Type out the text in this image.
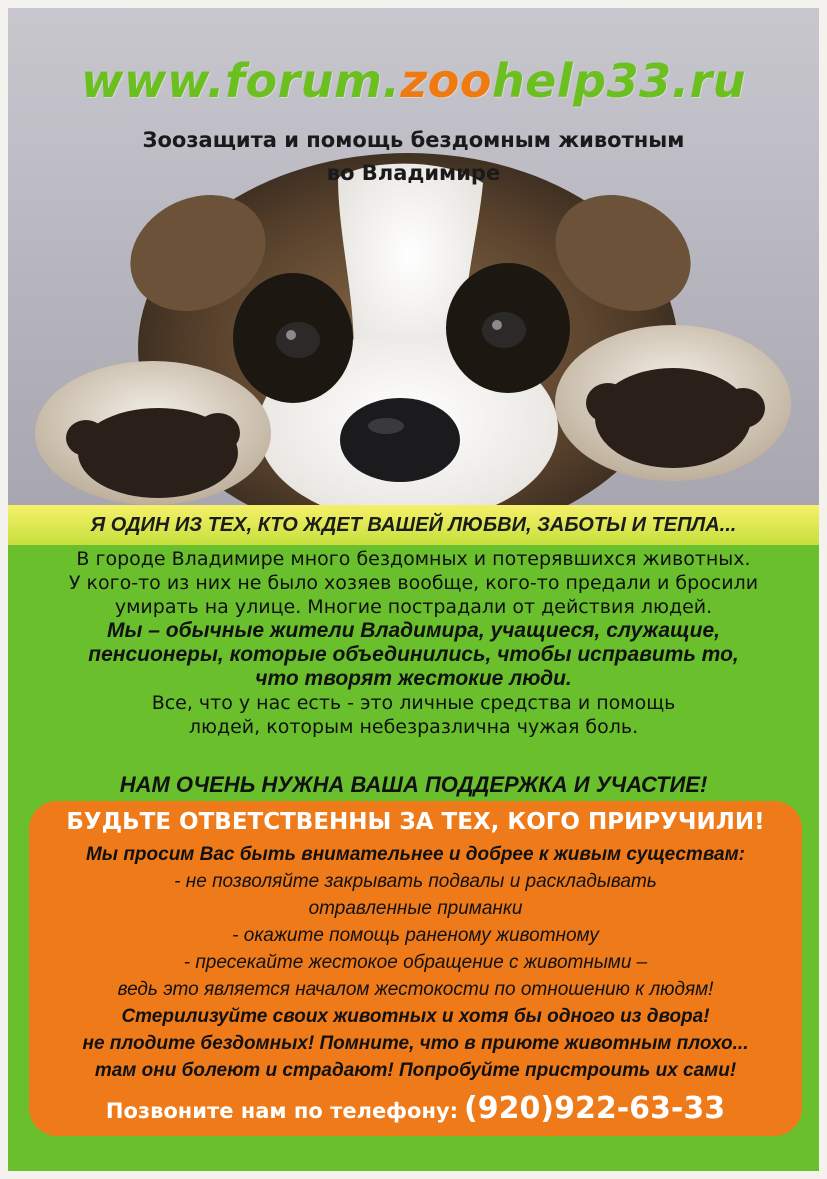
www.forum.zoohelp33.ru
Зоозащита и помощь бездомным животным
во Владимире
Я ОДИН ИЗ ТЕХ, КТО ЖДЕТ ВАШЕЙ ЛЮБВИ, ЗАБОТЫ И ТЕПЛА...

В городе Владимире много бездомных и потерявшихся животных.

У кого-то из них не было хозяев вообще, кого-то предали и бросили

умирать на улице. Многие пострадали от действия людей.

Мы – обычные жители Владимира, учащиеся, служащие,

пенсионеры, которые объединились, чтобы исправить то,

что творят жестокие люди.

Все, что у нас есть - это личные средства и помощь

людей, которым небезразлична чужая боль.

НАМ ОЧЕНЬ НУЖНА ВАША ПОДДЕРЖКА И УЧАСТИЕ!
БУДЬТЕ ОТВЕТСТВЕННЫ ЗА ТЕХ, КОГО ПРИРУЧИЛИ!

Мы просим Вас быть внимательнее и добрее к живым существам:

- не позволяйте закрывать подвалы и раскладывать

отравленные приманки

- окажите помощь раненому животному

- пресекайте жестокое обращение с животными –

ведь это является началом жестокости по отношению к людям!

Стерилизуйте своих животных и хотя бы одного из двора!

не плодите бездомных! Помните, что в приюте животным плохо...

там они болеют и страдают! Попробуйте пристроить их сами!

Позвоните нам по телефону: (920)922-63-33
